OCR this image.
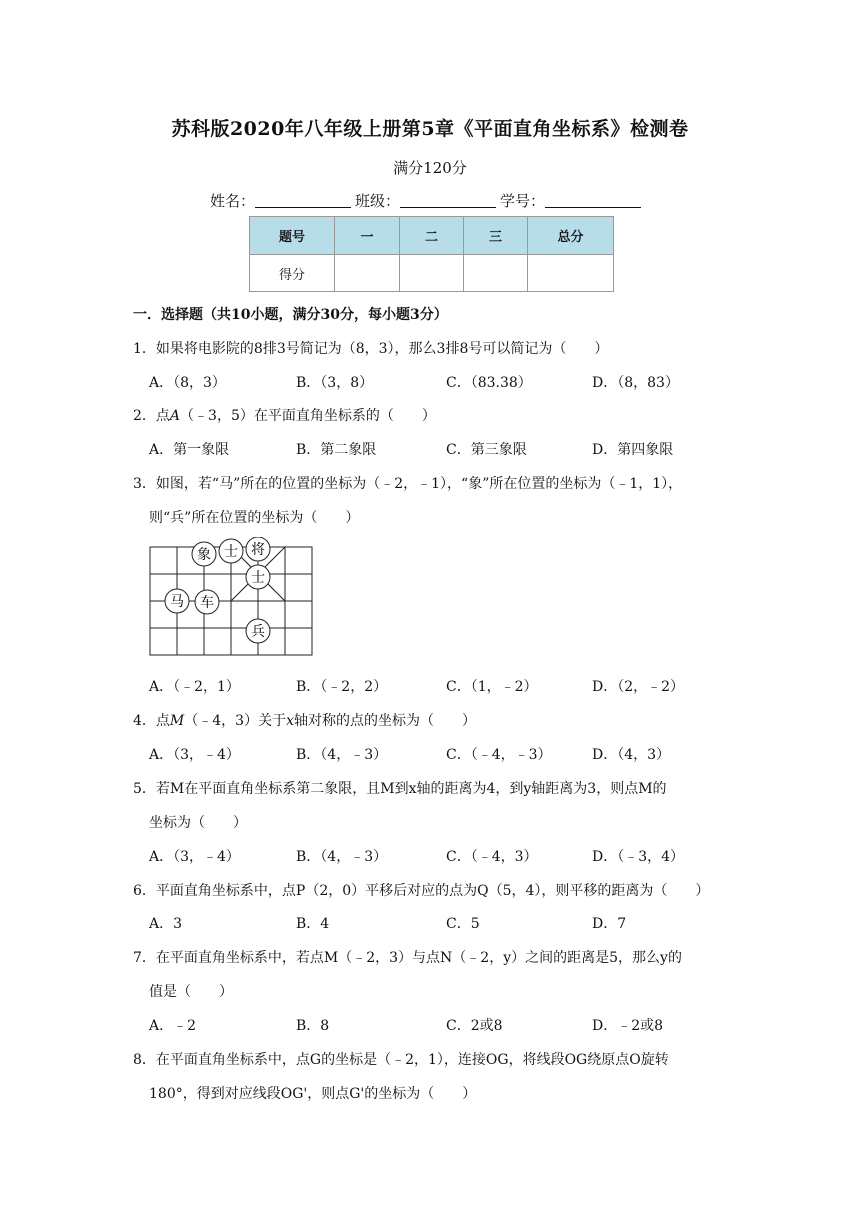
苏科版2020年八年级上册第5章《平面直角坐标系》检测卷
满分120分
姓名：	班级：	学号：
题号	一	二	三	总分
得分				
一．选择题（共10小题，满分30分，每小题3分）
1．如果将电影院的8排3号简记为（8，3），那么3排8号可以简记为（　　）
A．（8，3）	B．（3，8）	C．（83.38）	D．（8，83）
2．点A（﹣3，5）在平面直角坐标系的（　　）
A．第一象限	B．第二象限	C．第三象限	D．第四象限
3．如图，若“马”所在的位置的坐标为（﹣2，﹣1），“象”所在位置的坐标为（﹣1，1），
则“兵”所在位置的坐标为（　　）
象 士 将
士
马 车
兵
A．（﹣2，1）	B．（﹣2，2）	C．（1，﹣2）	D．（2，﹣2）
4．点M（﹣4，3）关于x轴对称的点的坐标为（　　）
A．（3，﹣4）	B．（4，﹣3）	C．（﹣4，﹣3）	D．（4，3）
5．若M在平面直角坐标系第二象限，且M到x轴的距离为4，到y轴距离为3，则点M的
坐标为（　　）
A．（3，﹣4）	B．（4，﹣3）	C．（﹣4，3）	D．（﹣3，4）
6．平面直角坐标系中，点P（2，0）平移后对应的点为Q（5，4），则平移的距离为（　　）
A．3	B．4	C．5	D．7
7．在平面直角坐标系中，若点M（﹣2，3）与点N（﹣2，y）之间的距离是5，那么y的
值是（　　）
A．﹣2	B．8	C．2或8	D．﹣2或8
8．在平面直角坐标系中，点G的坐标是（﹣2，1），连接OG，将线段OG绕原点O旋转
180°，得到对应线段OG'，则点G'的坐标为（　　）
